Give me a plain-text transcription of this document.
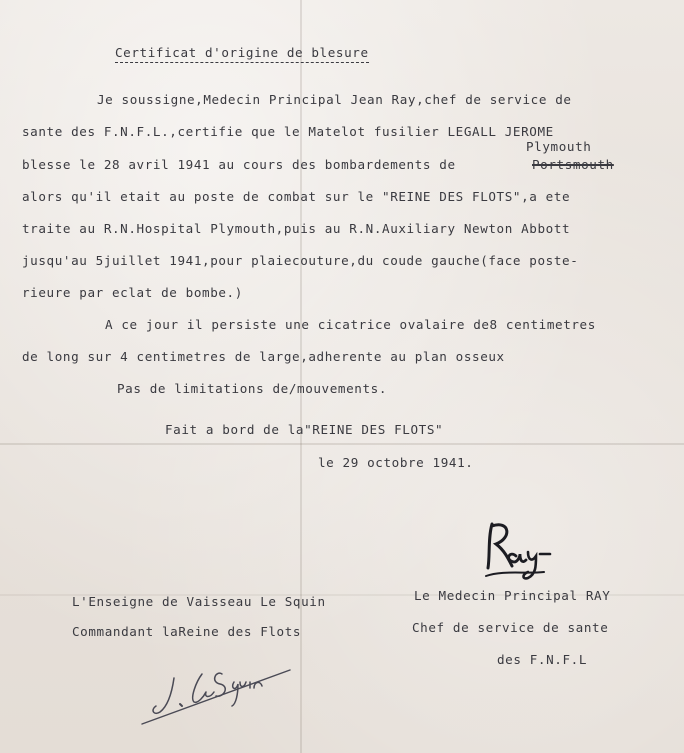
Certificat d'origine de blesure
Je soussigne,Medecin Principal Jean Ray,chef de service de
sante des F.N.F.L.,certifie que le Matelot fusilier LEGALL JEROME
Plymouth
blesse le 28 avril 1941 au cours des bombardements de	Portsmouth
alors qu'il etait au poste de combat sur le "REINE DES FLOTS",a ete
traite au R.N.Hospital Plymouth,puis au R.N.Auxiliary Newton Abbott
jusqu'au 5juillet 1941,pour plaiecouture,du coude gauche(face poste-
rieure par eclat de bombe.)
A ce jour il persiste une cicatrice ovalaire de8 centimetres
de long sur 4 centimetres de large,adherente au plan osseux
Pas de limitations de/mouvements.
Fait a bord de la"REINE DES FLOTS"
le 29 octobre 1941.
L'Enseigne de Vaisseau Le Squin
Commandant laReine des Flots
Le Medecin Principal RAY
Chef de service de sante
des F.N.F.L
